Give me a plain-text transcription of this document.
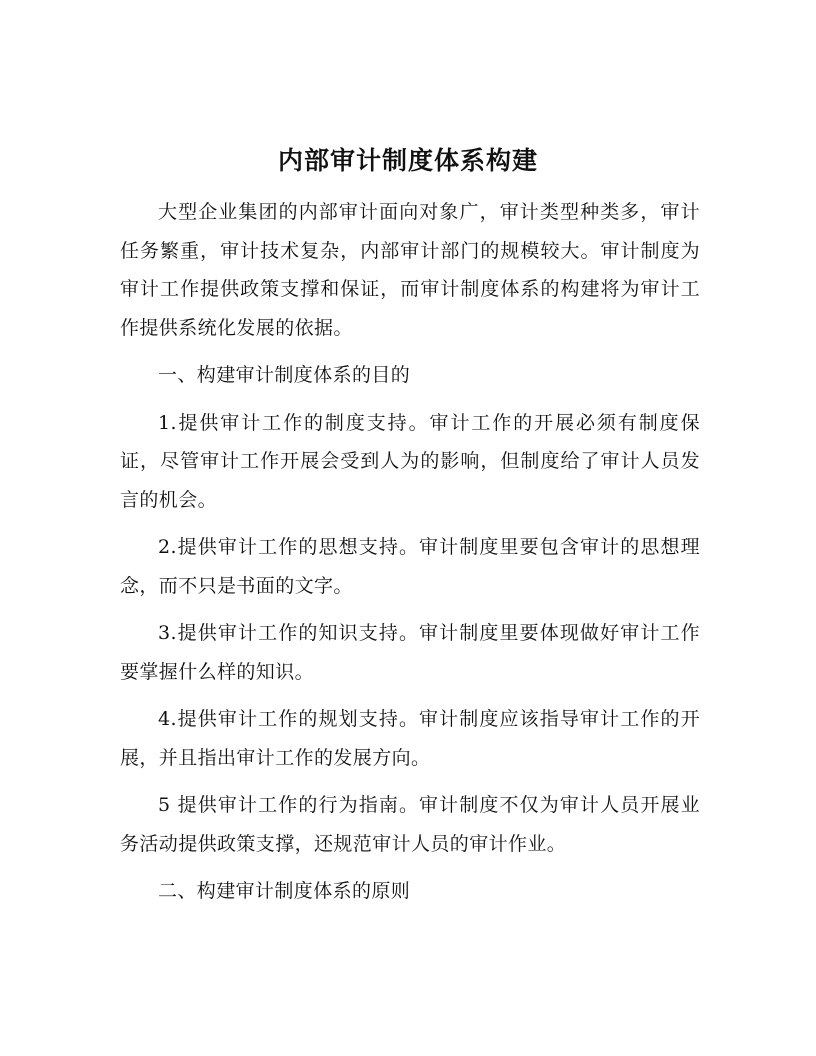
内部审计制度体系构建

大型企业集团的内部审计面向对象广，审计类型种类多，审计任务繁重，审计技术复杂，内部审计部门的规模较大。审计制度为审计工作提供政策支撑和保证，而审计制度体系的构建将为审计工作提供系统化发展的依据。

一、构建审计制度体系的目的

1.提供审计工作的制度支持。审计工作的开展必须有制度保证，尽管审计工作开展会受到人为的影响，但制度给了审计人员发言的机会。

2.提供审计工作的思想支持。审计制度里要包含审计的思想理念，而不只是书面的文字。

3.提供审计工作的知识支持。审计制度里要体现做好审计工作要掌握什么样的知识。

4.提供审计工作的规划支持。审计制度应该指导审计工作的开展，并且指出审计工作的发展方向。

5 提供审计工作的行为指南。审计制度不仅为审计人员开展业务活动提供政策支撑，还规范审计人员的审计作业。

二、构建审计制度体系的原则
